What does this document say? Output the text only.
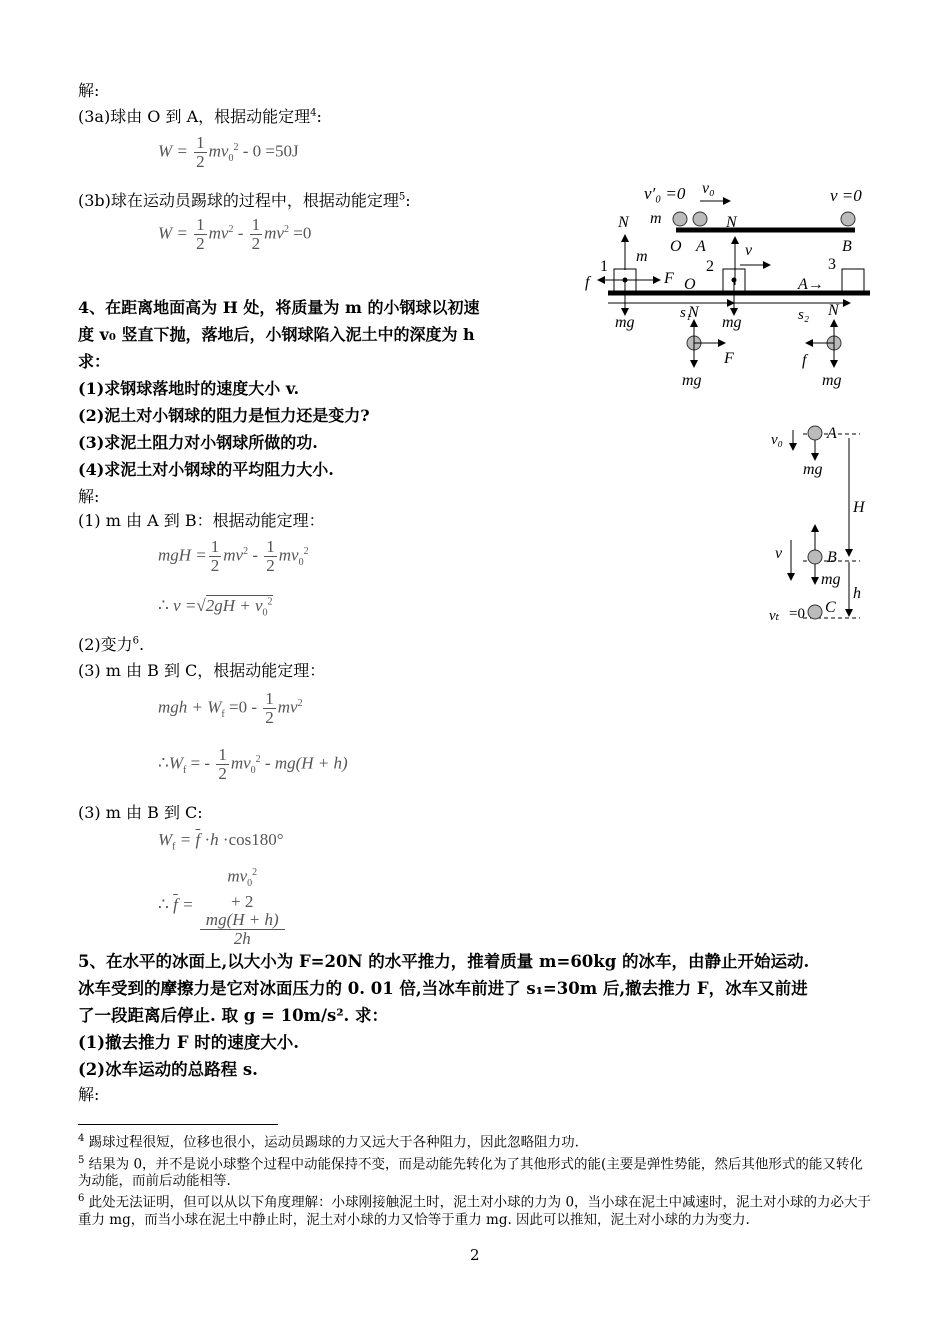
解:
(3a)球由 O 到 A，根据动能定理$^4$:
$W = \frac{1}{2} mv_0^2 - 0 =50J$
(3b)球在运动员踢球的过程中，根据动能定理$^5$:
$W = \frac{1}{2} mv^2 - \frac{1}{2} mv^2 =0$
4、在距离地面高为 H 处，将质量为 m 的小钢球以初速
度 v₀ 竖直下抛，落地后，小钢球陷入泥土中的深度为 h
求：
(1)求钢球落地时的速度大小 v.
(2)泥土对小钢球的阻力是恒力还是变力?
(3)求泥土阻力对小钢球所做的功.
(4)求泥土对小钢球的平均阻力大小.
解:
(1) m 由 A 到 B：根据动能定理：
mgH = $\frac{1}{2} mv^2 - \frac{1}{2} mv_0^2$
∴ $v =√2gH + v_0^2$
(2)变力$^6$.
(3) m 由 B 到 C，根据动能定理：
mgh + $W_f =0 - \frac{1}{2} mv^2$
$\therefore W_f$ = - $\frac{1}{2} mv_0^2 - mg(H + h)$
(3) m 由 B 到 C:
$W_f = \overline{f} \cdot h \cdot\cos 180^\circ$
∴ $\overline{f} = mv_0^2$
+ 2
mg(H + h)
2h
5、在水平的冰面上,以大小为 F=20N 的水平推力，推着质量 m=60kg 的冰车，由静止开始运动.
冰车受到的摩擦力是它对冰面压力的 0. 01 倍,当冰车前进了 s₁=30m 后,撤去推力 F，冰车又前进
了一段距离后停止. 取 g = 10m/s². 求：
(1)撤去推力 F 时的速度大小.
(2)冰车运动的总路程 s.
解:
$^4$ 踢球过程很短，位移也很小，运动员踢球的力又远大于各种阻力，因此忽略阻力功.
$^5$ 结果为 0，并不是说小球整个过程中动能保持不变，而是动能先转化为了其他形式的能(主要是弹性势能，然后其他形式的能又转化为动能，而前后动能相等.
$^6$ 此处无法证明，但可以从以下角度理解：小球刚接触泥土时，泥土对小球的力为 0，当小球在泥土中减速时，泥土对小球的力必大于重力 mg，而当小球在泥土中静止时，泥土对小球的力又恰等于重力 mg. 因此可以推知，泥土对小球的力为变力.
2
v′₀ =0 v₀	v =0
m
N
O A
N
B
v
1
m
2	3
f	F O	A→
mg
s₁
N
mg	s₂ N
mg
F	f
mg
v₀	A
mg
H
v	B
mg
h
vₜ =0 C
